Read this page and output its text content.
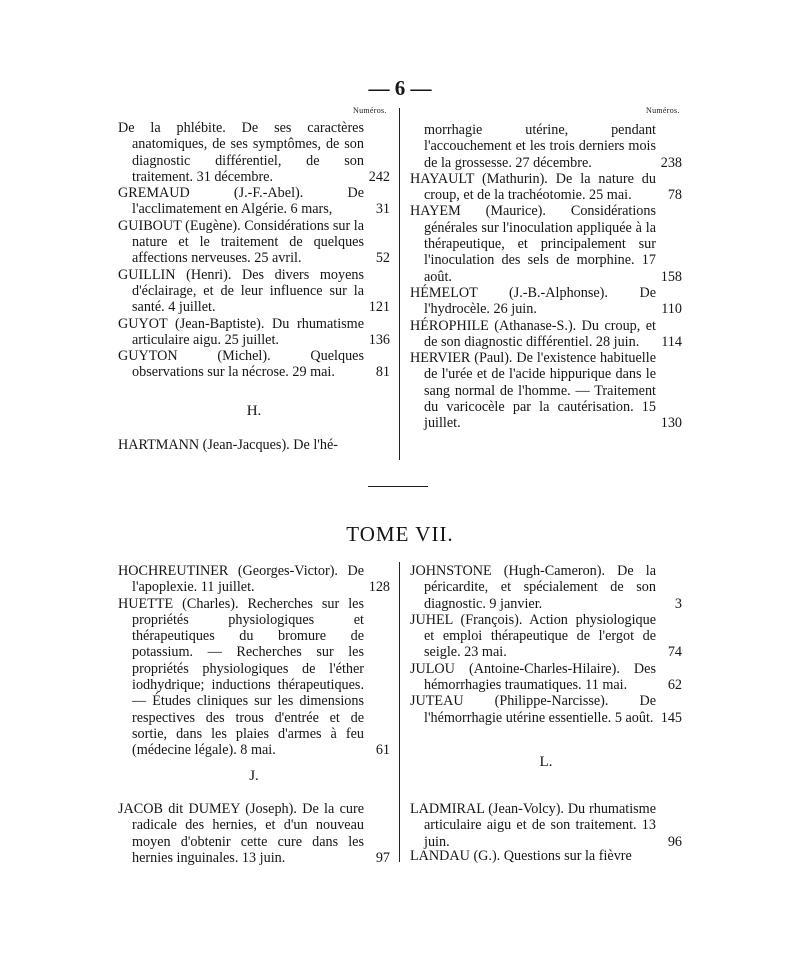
— 6 —
Numéros.	Numéros.
De la phlébite. De ses caractères anatomiques, de ses symptômes, de son diagnostic différentiel, de son traitement. 31 décembre.	242
GREMAUD (J.-F.-Abel). De l'acclimatement en Algérie. 6 mars,	31
GUIBOUT (Eugène). Considérations sur la nature et le traitement de quelques affections nerveuses. 25 avril.	52
GUILLIN (Henri). Des divers moyens d'éclairage, et de leur influence sur la santé. 4 juillet.	121
GUYOT (Jean-Baptiste). Du rhumatisme articulaire aigu. 25 juillet.	136
GUYTON (Michel). Quelques observations sur la nécrose. 29 mai.	81
H.
HARTMANN (Jean-Jacques). De l'hé-
morrhagie utérine, pendant l'accouchement et les trois derniers mois de la grossesse. 27 décembre.	238
HAYAULT (Mathurin). De la nature du croup, et de la trachéotomie. 25 mai.	78
HAYEM (Maurice). Considérations générales sur l'inoculation appliquée à la thérapeutique, et principalement sur l'inoculation des sels de morphine. 17 août.	158
HÉMELOT (J.-B.-Alphonse). De l'hydrocèle. 26 juin.	110
HÉROPHILE (Athanase-S.). Du croup, et de son diagnostic différentiel. 28 juin.	114
HERVIER (Paul). De l'existence habituelle de l'urée et de l'acide hippurique dans le sang normal de l'homme. — Traitement du varicocèle par la cautérisation. 15 juillet.	130
TOME VII.
HOCHREUTINER (Georges-Victor). De l'apoplexie. 11 juillet.	128
HUETTE (Charles). Recherches sur les propriétés physiologiques et thérapeutiques du bromure de potassium. — Recherches sur les propriétés physiologiques de l'éther iodhydrique; inductions thérapeutiques. — Études cliniques sur les dimensions respectives des trous d'entrée et de sortie, dans les plaies d'armes à feu (médecine légale). 8 mai.	61
J.
JACOB dit DUMEY (Joseph). De la cure radicale des hernies, et d'un nouveau moyen d'obtenir cette cure dans les hernies inguinales. 13 juin.	97
JOHNSTONE (Hugh-Cameron). De la péricardite, et spécialement de son diagnostic. 9 janvier.	3
JUHEL (François). Action physiologique et emploi thérapeutique de l'ergot de seigle. 23 mai.	74
JULOU (Antoine-Charles-Hilaire). Des hémorrhagies traumatiques. 11 mai.	62
JUTEAU (Philippe-Narcisse). De l'hémorrhagie utérine essentielle. 5 août. 145
L.
LADMIRAL (Jean-Volcy). Du rhumatisme articulaire aigu et de son traitement. 13 juin.	96
LANDAU (G.). Questions sur la fièvre
